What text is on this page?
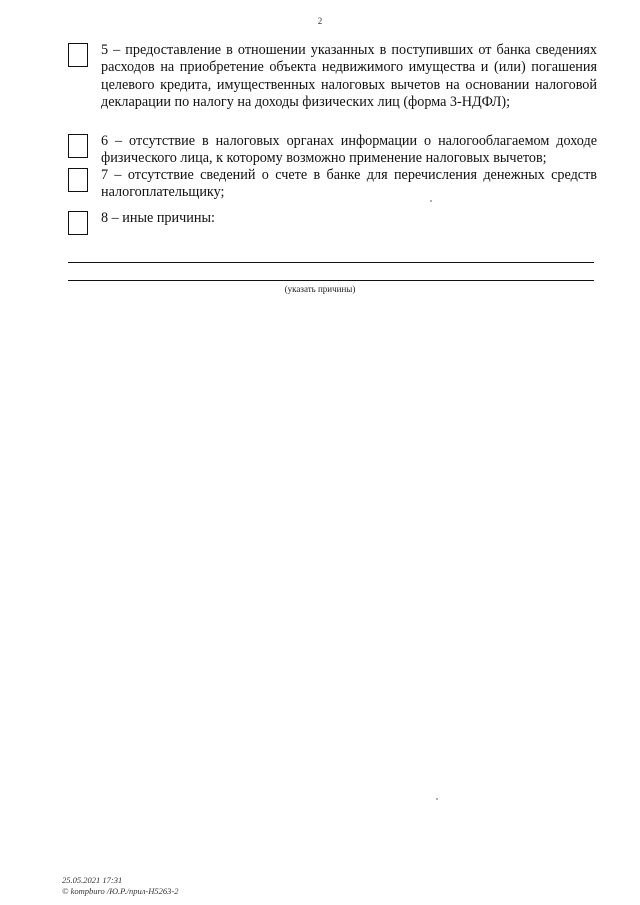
2
5 – предоставление в отношении указанных в поступивших от банка сведениях расходов на приобретение объекта недвижимого имущества и (или) погашения целевого кредита, имущественных налоговых вычетов на основании налоговой декларации по налогу на доходы физических лиц (форма 3-НДФЛ);
6 – отсутствие в налоговых органах информации о налогооблагаемом доходе физического лица, к которому возможно применение налоговых вычетов;
7 – отсутствие сведений о счете в банке для перечисления денежных средств налогоплательщику;
8 – иные причины:
(указать причины)
25.05.2021 17:31
© kompburo /Ю.Р./прил-Н5263-2
